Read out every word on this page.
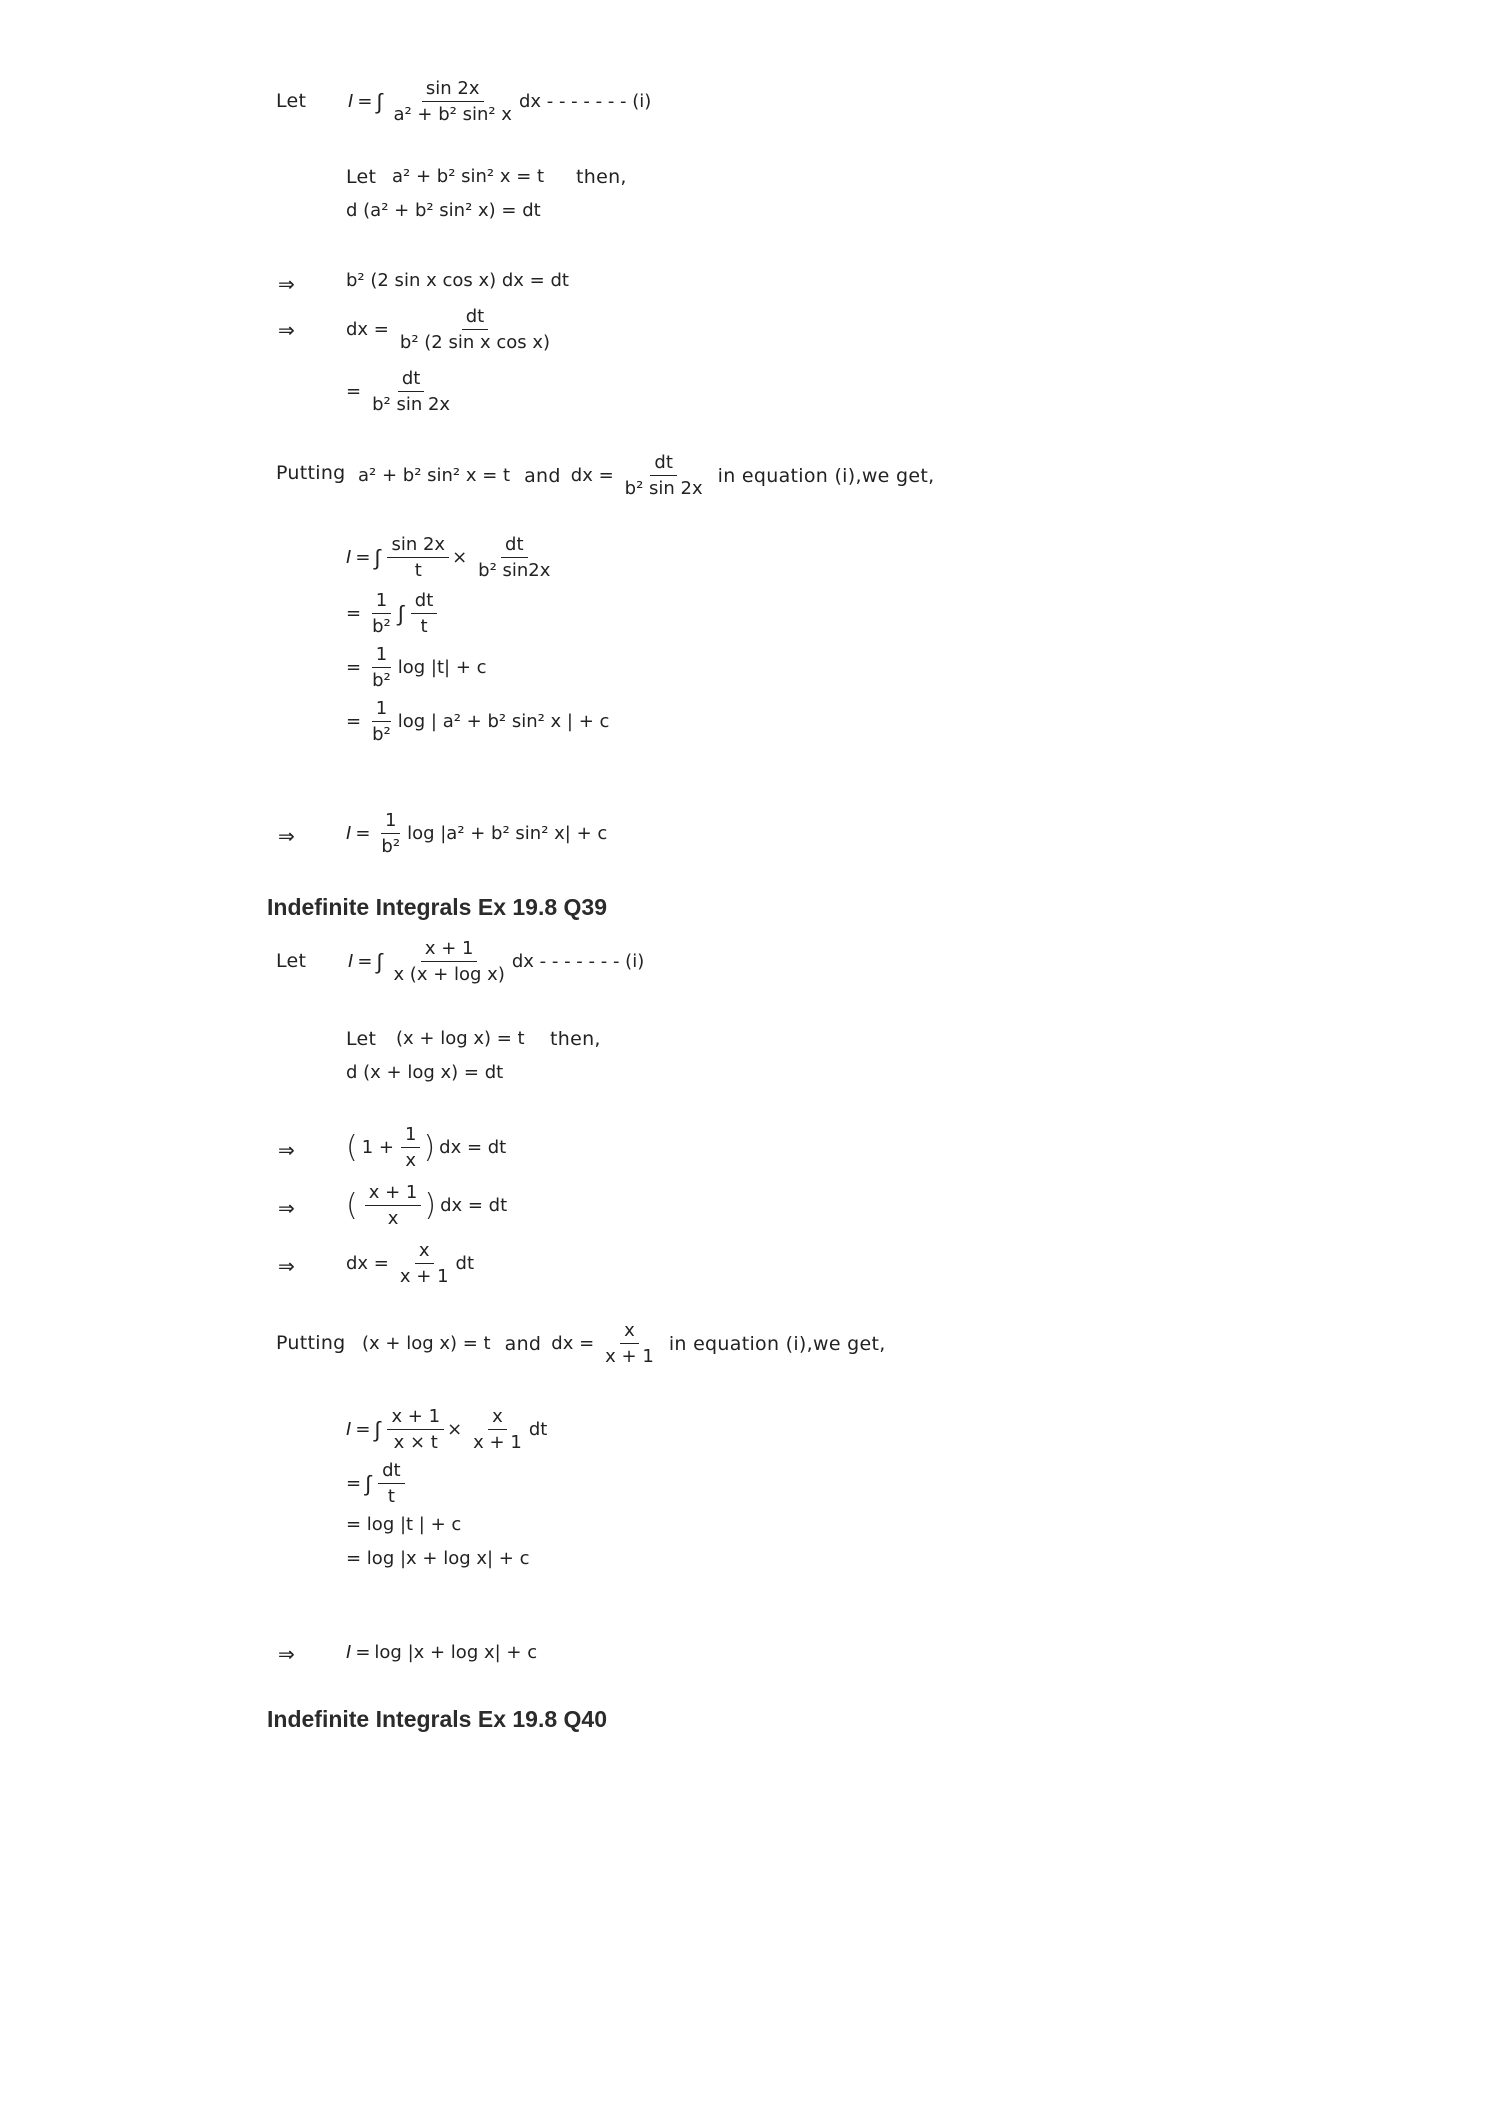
Let I = ∫ $\frac{\sin 2x}{\text{a² + b² sin² x}}$ dx - - - - - - - (i)
Let a² + b² sin² x = t then,
d (a² + b² sin² x) = dt
⇒	b² (2 sin x cos x) dx = dt
⇒	dx = $\frac{dt}{\text{b² (2 sin x cos x)}}$
= $\frac{dt}{\text{b² sin 2x}}$
Putting a² + b² sin² x = t and dx = $\frac{dt}{\text{b² sin 2x}}$ in equation (i),we get,
I = ∫ $\frac{\sin 2x}{t} \times \frac{dt}{\text{b² sin2x}}$
= $\frac{1}{\text{b²}}$ ∫ $\frac{dt}{t}$
= $\frac{1}{\text{b²}}$ log |t| + c
= $\frac{1}{\text{b²}}$ log | a² + b² sin² x | + c
⇒	$I = \frac{1}{\text{b²}}$ log |a² + b² sin² x| + c
Indefinite Integrals Ex 19.8 Q39
Let I = ∫ $\frac{x + 1}{\text{x (x + log x)}}$ dx - - - - - - - (i)
Let (x + log x) = t then,
d (x + log x) = dt
⇒ ( $1 + \frac{1}{x}$ ) dx = dt
⇒ ( $\frac{x + 1}{x}$ ) dx = dt
⇒	dx = $\frac{x}{x + 1}$ dt
Putting (x + log x) = t and dx = $\frac{x}{x + 1}$ in equation (i),we get,
I = ∫ $\frac{x + 1}{x \times t} \times \frac{x}{x + 1}$ dt
= ∫ $\frac{dt}{t}$
= log |t | + c
= log |x + log x| + c
⇒	I = log |x + log x| + c
Indefinite Integrals Ex 19.8 Q40
